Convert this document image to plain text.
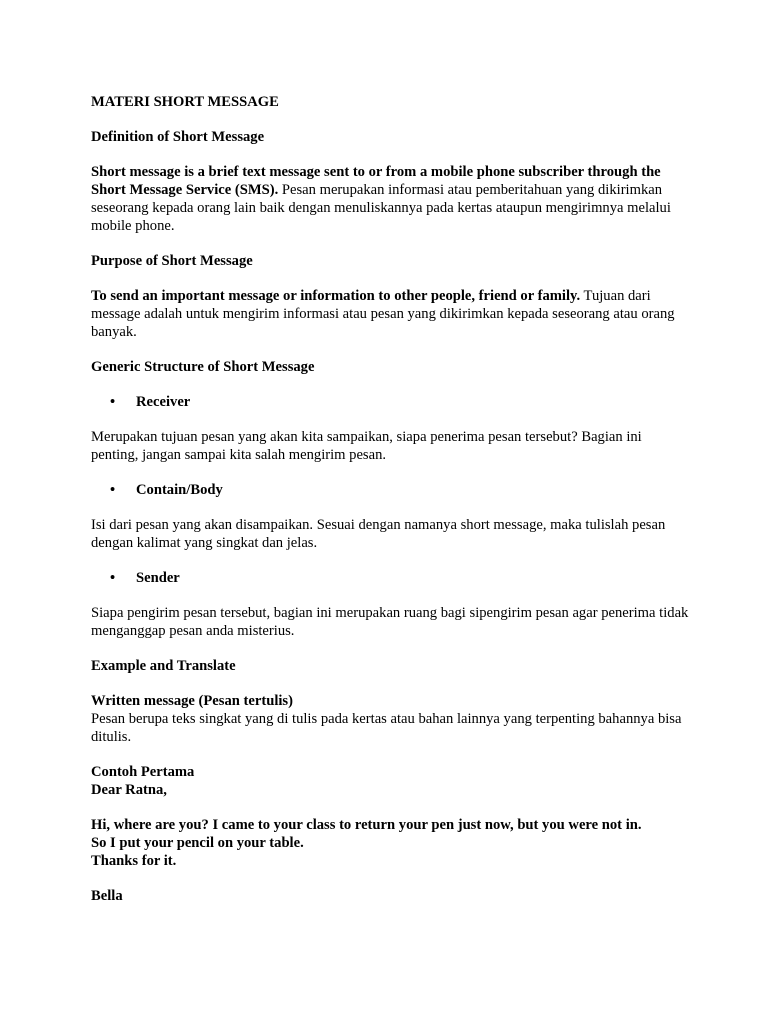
MATERI SHORT MESSAGE

Definition of Short Message

Short message is a brief text message sent to or from a mobile phone subscriber through the Short Message Service (SMS). Pesan merupakan informasi atau pemberitahuan yang dikirimkan seseorang kepada orang lain baik dengan menuliskannya pada kertas ataupun mengirimnya melalui mobile phone.

Purpose of Short Message

To send an important message or information to other people, friend or family. Tujuan dari message adalah untuk mengirim informasi atau pesan yang dikirimkan kepada seseorang atau orang banyak.

Generic Structure of Short Message

•	Receiver

Merupakan tujuan pesan yang akan kita sampaikan, siapa penerima pesan tersebut? Bagian ini penting, jangan sampai kita salah mengirim pesan.

•	Contain/Body

Isi dari pesan yang akan disampaikan. Sesuai dengan namanya short message, maka tulislah pesan dengan kalimat yang singkat dan jelas.

•	Sender

Siapa pengirim pesan tersebut, bagian ini merupakan ruang bagi sipengirim pesan agar penerima tidak menganggap pesan anda misterius.

Example and Translate

Written message (Pesan tertulis)
Pesan berupa teks singkat yang di tulis pada kertas atau bahan lainnya yang terpenting bahannya bisa ditulis.

Contoh Pertama
Dear Ratna,

Hi, where are you? I came to your class to return your pen just now, but you were not in.
So I put your pencil on your table.
Thanks for it.

Bella
